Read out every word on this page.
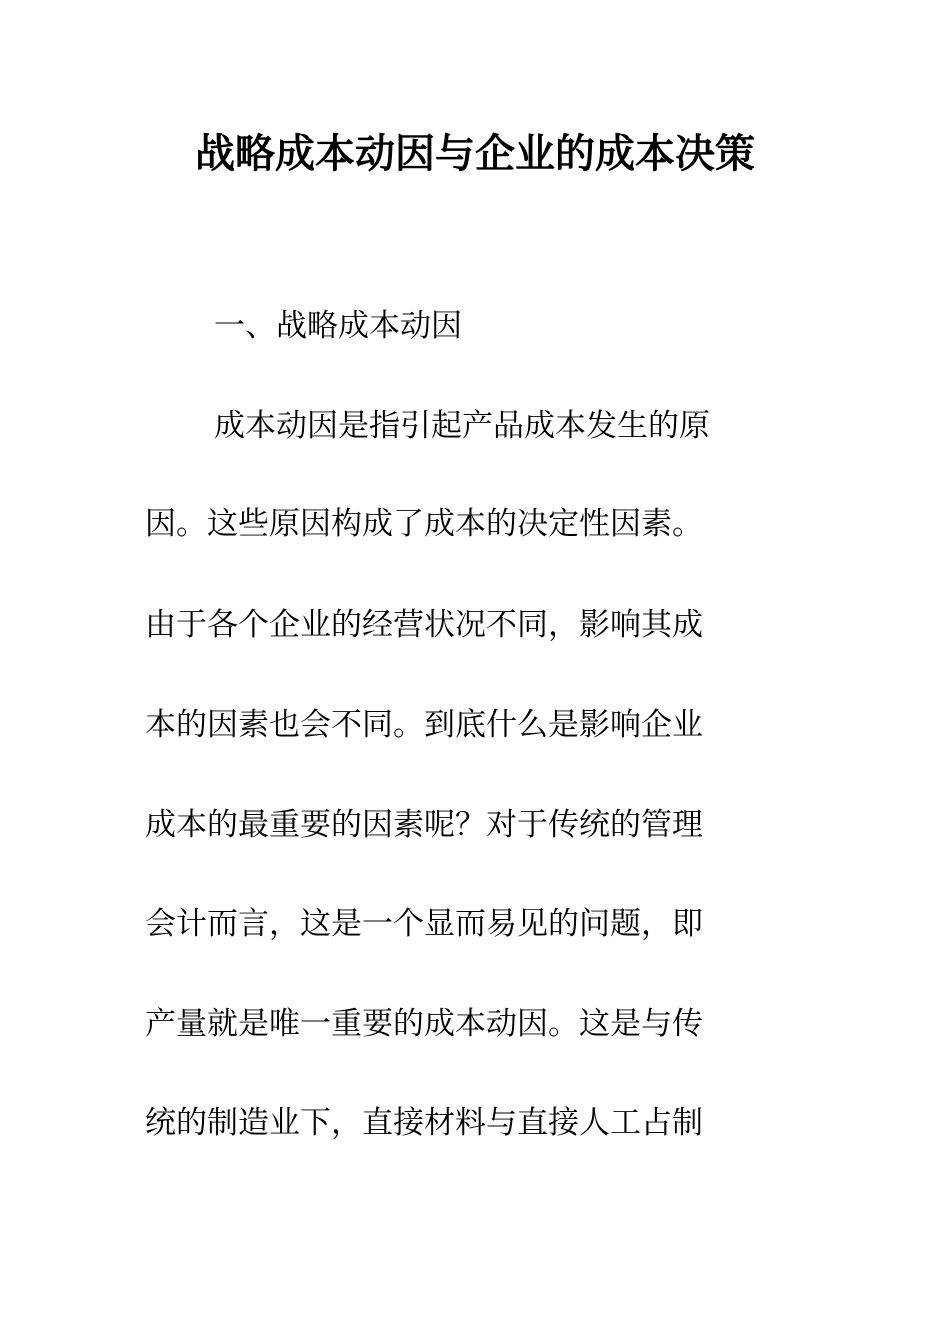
战略成本动因与企业的成本决策
一、战略成本动因

成本动因是指引起产品成本发生的原

因。这些原因构成了成本的决定性因素。

由于各个企业的经营状况不同，影响其成

本的因素也会不同。到底什么是影响企业

成本的最重要的因素呢？对于传统的管理

会计而言，这是一个显而易见的问题，即

产量就是唯一重要的成本动因。这是与传

统的制造业下，直接材料与直接人工占制
